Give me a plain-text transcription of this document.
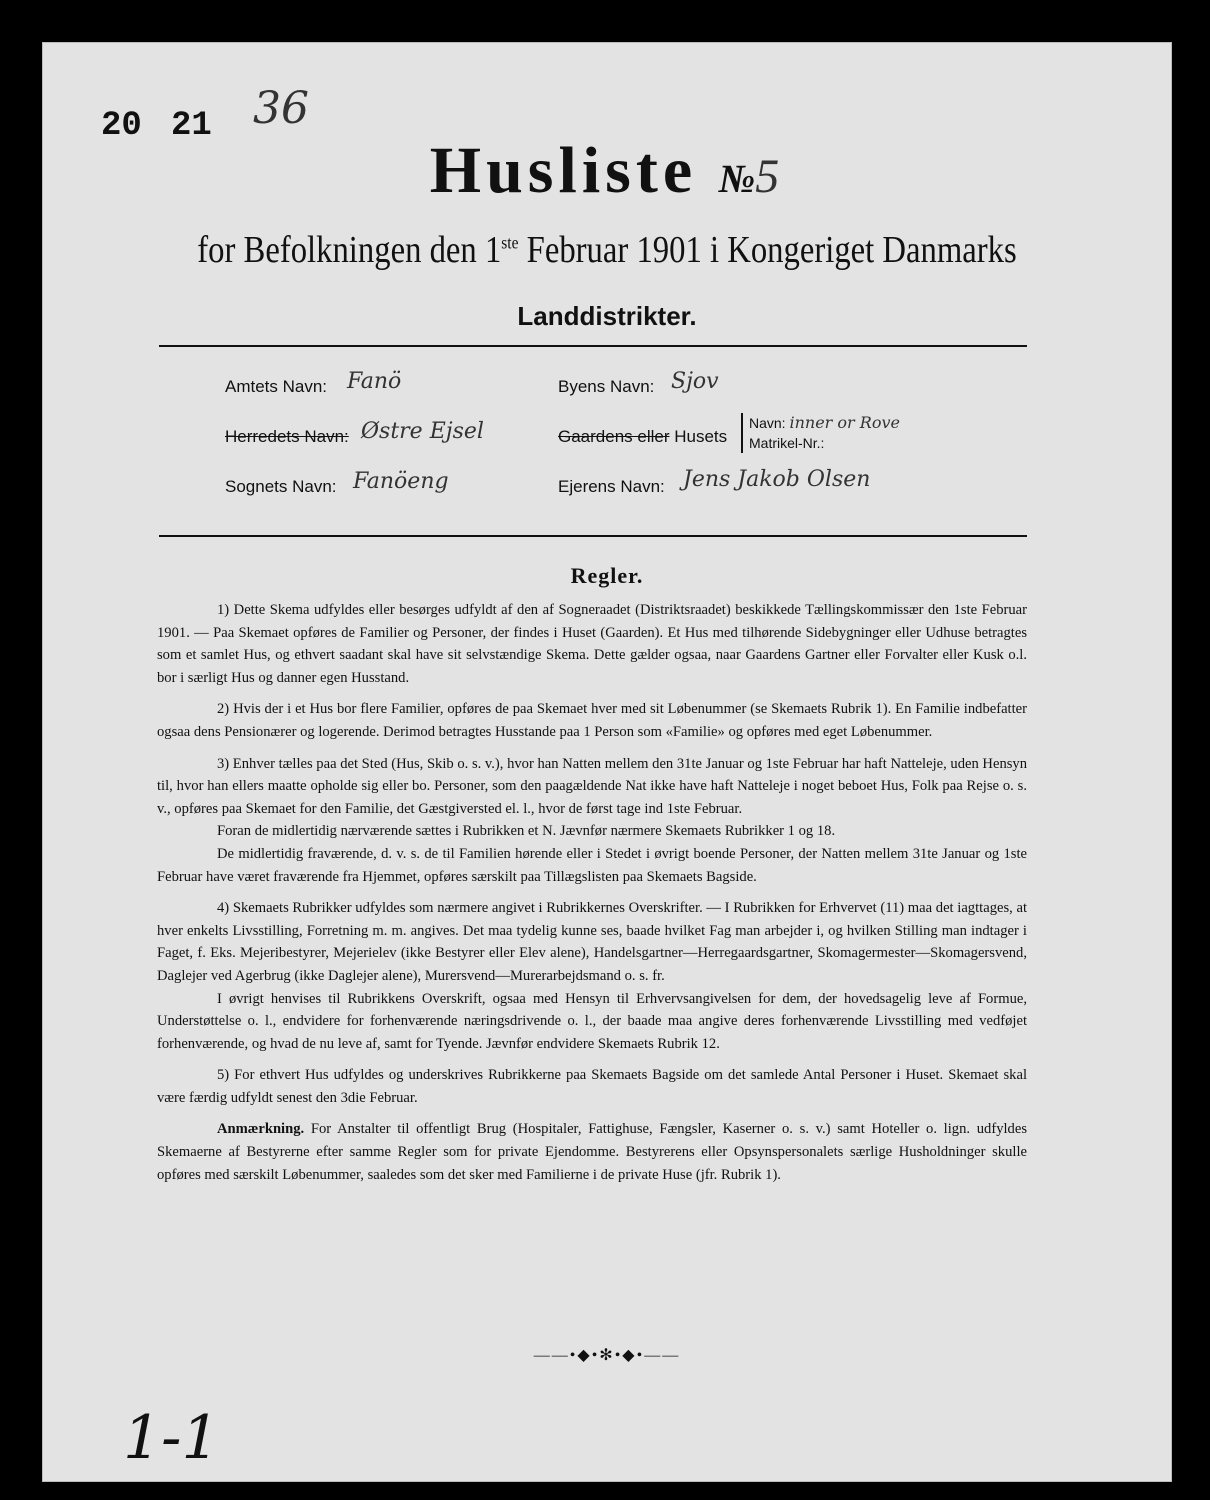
20 21 36
Husliste №5
for Befolkningen den 1ste Februar 1901 i Kongeriget Danmarks
Landdistrikter.
Amtets Navn: Fanö
Herredets Navn: Østre Ejsel
Sognets Navn: Fanöeng
Byens Navn: Sjov
Gaardens eller Husets
Navn: inner or Rove
Matrikel-Nr.:
Ejerens Navn: Jens Jakob Olsen
Regler.

1) Dette Skema udfyldes eller besørges udfyldt af den af Sogneraadet (Distriktsraadet) beskikkede Tællingskommissær den 1ste Februar 1901. — Paa Skemaet opføres de Familier og Personer, der findes i Huset (Gaarden). Et Hus med tilhørende Sidebygninger eller Udhuse betragtes som et samlet Hus, og ethvert saadant skal have sit selvstændige Skema. Dette gælder ogsaa, naar Gaardens Gartner eller Forvalter eller Kusk o.l. bor i særligt Hus og danner egen Husstand.

2) Hvis der i et Hus bor flere Familier, opføres de paa Skemaet hver med sit Løbenummer (se Skemaets Rubrik 1). En Familie indbefatter ogsaa dens Pensionærer og logerende. Derimod betragtes Husstande paa 1 Person som «Familie» og opføres med eget Løbenummer.

3) Enhver tælles paa det Sted (Hus, Skib o. s. v.), hvor han Natten mellem den 31te Januar og 1ste Februar har haft Natteleje, uden Hensyn til, hvor han ellers maatte opholde sig eller bo. Personer, som den paagældende Nat ikke have haft Natteleje i noget beboet Hus, Folk paa Rejse o. s. v., opføres paa Skemaet for den Familie, det Gæstgiversted el. l., hvor de først tage ind 1ste Februar.

Foran de midlertidig nærværende sættes i Rubrikken et N. Jævnfør nærmere Skemaets Rubrikker 1 og 18.

De midlertidig fraværende, d. v. s. de til Familien hørende eller i Stedet i øvrigt boende Personer, der Natten mellem 31te Januar og 1ste Februar have været fraværende fra Hjemmet, opføres særskilt paa Tillægslisten paa Skemaets Bagside.

4) Skemaets Rubrikker udfyldes som nærmere angivet i Rubrikkernes Overskrifter. — I Rubrikken for Erhvervet (11) maa det iagttages, at hver enkelts Livsstilling, Forretning m. m. angives. Det maa tydelig kunne ses, baade hvilket Fag man arbejder i, og hvilken Stilling man indtager i Faget, f. Eks. Mejeribestyrer, Mejerielev (ikke Bestyrer eller Elev alene), Handelsgartner—Herregaardsgartner, Skomagermester—Skomagersvend, Daglejer ved Agerbrug (ikke Daglejer alene), Murersvend—Murerarbejdsmand o. s. fr.

I øvrigt henvises til Rubrikkens Overskrift, ogsaa med Hensyn til Erhvervsangivelsen for dem, der hovedsagelig leve af Formue, Understøttelse o. l., endvidere for forhenværende næringsdrivende o. l., der baade maa angive deres forhenværende Livsstilling med vedføjet forhenværende, og hvad de nu leve af, samt for Tyende. Jævnfør endvidere Skemaets Rubrik 12.

5) For ethvert Hus udfyldes og underskrives Rubrikkerne paa Skemaets Bagside om det samlede Antal Personer i Huset. Skemaet skal være færdig udfyldt senest den 3die Februar.

Anmærkning. For Anstalter til offentligt Brug (Hospitaler, Fattighuse, Fængsler, Kaserner o. s. v.) samt Hoteller o. lign. udfyldes Skemaerne af Bestyrerne efter samme Regler som for private Ejendomme. Bestyrerens eller Opsynspersonalets særlige Husholdninger skulle opføres med særskilt Løbenummer, saaledes som det sker med Familierne i de private Huse (jfr. Rubrik 1).

——•◆•✻•◆•——
1-1
